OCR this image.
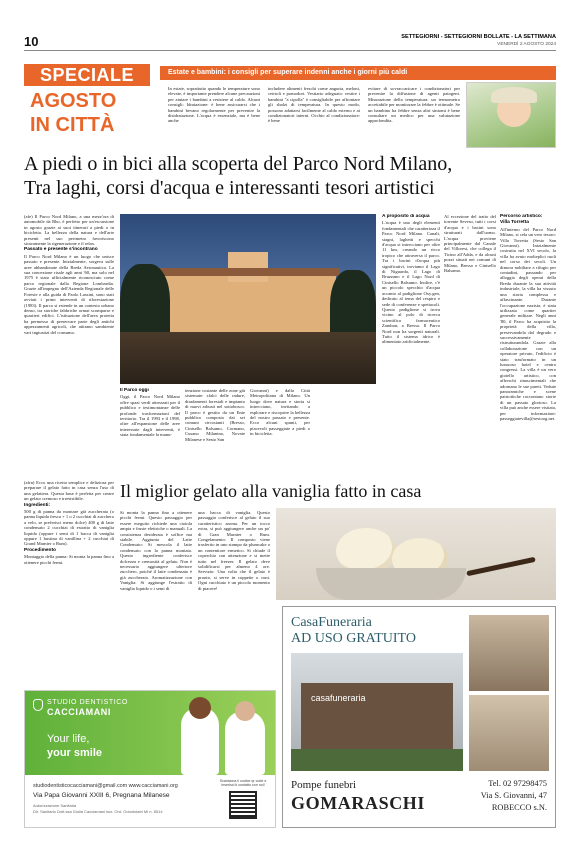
10	SETTEGIORNI - SETTEGIORNI BOLLATE - LA SETTIMANA
VENERDÌ 2 AGOSTO 2024
SPECIALE
AGOSTO
IN CITTÀ
Estate e bambini: i consigli per superare indenni anche i giorni più caldi
In estate, soprattutto quando le temperature sono elevate, è importante prendere alcune precauzioni per aiutare i bambini a resistere al caldo. Alcuni consigli: Idratazione: è bene assicurarsi che i bambini bevano regolarmente per prevenire la disidratazione. L'acqua è essenziale, ma è bene anche
includere alimenti freschi come anguria, meloni, cetrioli e pomodori. Vestiario adeguato: vestire i bambini "a cipolla" è consigliabile per affrontare gli sbalzi di temperatura. In questo modo, possono adattarsi facilmente al caldo esterno e ai condizionatori interni. Occhio al condizionatore: è bene
evitare di sovraccaricare i condizionatori per prevenire la diffusione di agenti patogeni. Misurazione della temperatura: un termometro accettabile per monitorare la febbre è ottimale. Se un bambino ha febbre senza altri sintomi è bene consultare un medico per una valutazione approfondita.
A piedi o in bici alla scoperta del Parco Nord Milano,
Tra laghi, corsi d'acqua e interessanti tesori artistici

(afe) Il Parco Nord Milano, a una mezz'ora di automobile da Rho, è perfetto per un'escursione in agosto grazie ai suoi itinerari a piedi o in bicicletta. La bellezza della natura e dell'arte presenti nel suo perimetro favoriscono sicuramente la rigenerazione e il relax.

Passato e presente s'incontrano

Il Parco Nord Milano è un luogo che unisce passato e presente. Inizialmente, sorgeva sulle aree abbandonate della Breda Aeronautica. La sua concezione risale agli anni '60, ma solo nel 1975 è stato ufficialmente riconosciuto come parco regionale dalla Regione Lombardia. Grazie all'impegno dell'Azienda Regionale delle Foreste e alla guida di Paolo Lassini, sono stati avviati i primi interventi di riforestazione (1983). Il parco si estende in un contesto urbano denso, tra storiche fabbriche ormai scomparse e quartieri edifici. L'istituzione dell'area protetta ha permesso di preservare parte degli antichi appezzamenti agricoli, che attirano sambiente vari ingiustizi del consumo.

Il Parco oggi

Oggi, il Parco Nord Milano offre spazi verdi attrezzati per il pubblico e testimonianze delle profonde trasformazioni del territorio. Tra il 1993 e il 1998, oltre all'espansione delle aree interessate dagli interventi, è stata fondamentale la manu-

tenzione costante delle zone già sistemate: sfalci delle radure, diradamenti forestali e impianto di nuovi arbusti nel sottobosco. Il parco è gestito da un Ente pubblico composto dai sei comuni circostanti (Bresso, Cinisello Balsamo, Cormano, Cusano Milanino, Novate Milanese e Sesto San
Giovanni) e dalla Città Metropolitana di Milano. Un luogo dove natura e storia si intrecciano, invitando a esplorare e riscoprire la bellezza del nostro passato e presente. Ecco alcuni spunti, per piacevoli passeggiate a piedi o in bicicletta.

A proposito di acqua

L'acqua è uno degli elementi fondamentali che caratterizza il Parco Nord Milano. Canali, stagni, laghetti e specchi d'acqua si intrecciano per oltre 11 km, creando un ricco tropico che attraversa il parco. Tra i bacini d'acqua più significativi, troviamo il Lago di Niguarda, il Lago di Bruzzano e il Lago Nord di Cinisello Balsamo. Inoltre, c'è un piccolo specchio d'acqua accanto al padiglione Oxy.gen, dedicato al tema del respiro e sede di conferenze e spettacoli. Questo padiglione si trova vicino al polo di ricerca scientifica farmaceutico Zambon, a Bresso. Il Parco Nord non ha sorgenti naturali. Tutto il sistema idrico è alimentato artificialmente.

Al eccezione del tratto del torrente Seveso, tutti i corsi d'acqua e i bacini sono strutturati dall'uomo. L'acqua proviene principalmente dal Canale del Villoresi, che collega il Ticino all'Adda, e da alcuni pozzi situati nei comuni di Milano, Bresso e Cinisello Balsamo.

Percorso artistico:

Villa Torretta

All'interno del Parco Nord Milano, si cela un vero tesoro: Villa Torretta (Sesto San Giovanni). Inizialmente costruita nel XVI secolo, la villa ha avuto molteplici ruoli nel corso dei secoli. Un dimora nobiliare a rifugio per contadini, passando per alloggio degli operai della Breda durante la sua attività industriale, la villa ha vissuto una storia complessa e affascinante. Durante l'occupazione nazista, è stata utilizzata come quartier generale militare. Negli anni '80, il Parco ha acquisito la proprietà della villa, preservandola dal degrado e successivamente ristrutturandola. Grazie alla collaborazione con un operatore privato, l'edificio è stato trasformato in un lussuoso hotel e centro congressi. La villa è un vero gioiello artistico, con affreschi rinascimentali che adornano le sue pareti. Vedute panoramiche e scene patriottiche raccontano storie di un passato glorioso. La villa può anche essere visitata, per informazioni: passeggiatevilla@sestoog.net.

Il miglior gelato alla vaniglia fatto in casa

(afrn) Ecco una ricetta semplice e deliziosa per preparare il gelato fatto in casa senza l'uso di una gelatiera. Questa base è perfetta per creare un gelato cremoso e irresistibile.

Ingredienti:

500 g di panna da montare già zuccherata (o panna liquida fresca + 1 o 2 cucchiai di zucchero a velo, se preferisci meno dolce) 400 g di latte condensato 2 cucchiai di estratto di vaniglia liquido (oppure i semi di 1 bacca di vaniglia oppure 1 bustina di vanillina + 2 cucchiai di Grand Marnier o Rum).

Procedimento

Montaggio della panna: Si monta la panna fino a ottenere picchi fermi.

Si monta la panna fino a ottenere picchi fermi. Questo passaggio per essere eseguito richiede una ciotola ampia e fruste elettriche o manuali. La consistenza desiderata è soffice ma stabile. Aggiunta del Latte Condensato: Si mescola il latte condensato con la panna montata. Questo ingrediente conferisce dolcezza e cremosità al gelato. Non è necessario aggiungere ulteriore zucchero, poiché il latte condensato è già zuccherato. Aromatizzazione con Vaniglia: Si aggiunge l'estratto di vaniglia liquido o i semi di
una bacca di vaniglia. Questo passaggio conferisce al gelato il suo caratteristico aroma. Per un tocco extra, si può aggiungere anche un po' di Gran Marnier o Rum. Congelamento: Il composto viene trasferito in uno stampo da plumcake o un contenitore ermetico. Si chiude il coperchio con attenzione e si mette tutto nel freezer. Il gelato deve solidificarsi per almeno 4 ore. Servizio: Una volta che il gelato è pronto, si serve in coppette o coni. Ogni cucchiaio è un piccolo momento di piacere!
STUDIO DENTISTICO
CACCIAMANI
Your life,
your smile
studiodentisticocacciamani@gmail.com www.cacciamani.org
Via Papa Giovanni XXIII 6, Pregnana Milanese
Autorizzazione Sanitaria
Dir. Sanitario Dott.ssa Giulia Cacciamani iscr. Ord. Odontoiatri Mi n. 5514
Scansiona il codice qr code e inserisci ti contatto con noi!
CasaFuneraria
AD USO GRATUITO
casafuneraria
Pompe funebri
GOMARASCHI
Tel. 02 97298475
Via S. Giovanni, 47
ROBECCO s.N.
